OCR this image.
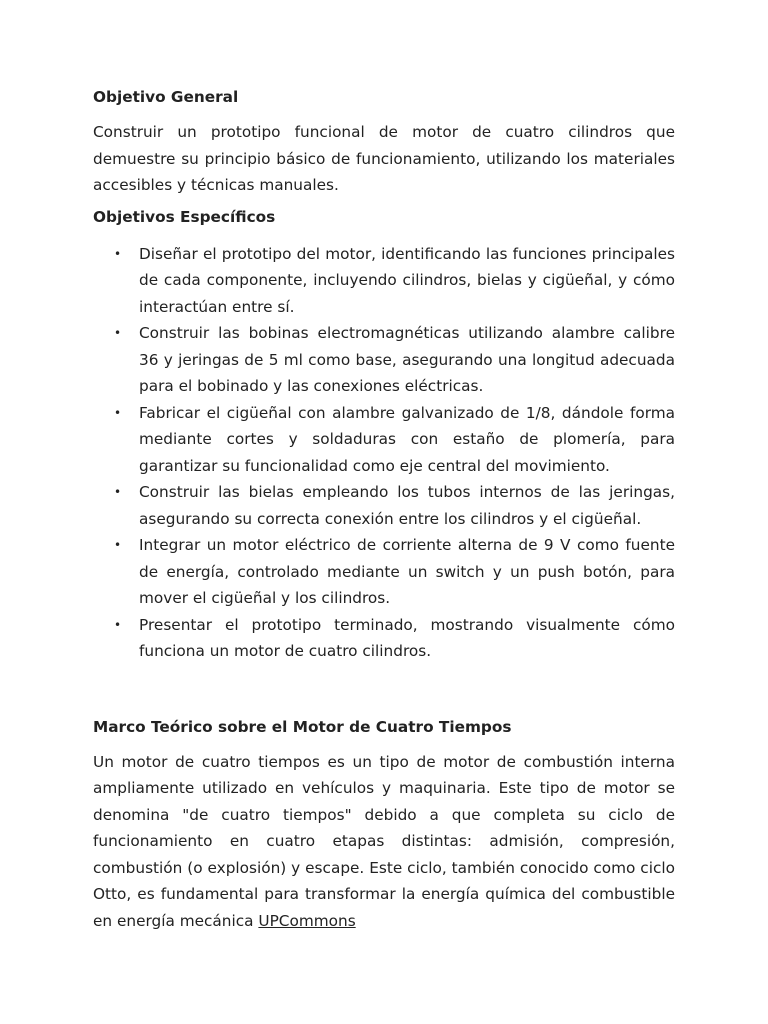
Objetivo General

Construir un prototipo funcional de motor de cuatro cilindros que demuestre su principio básico de funcionamiento, utilizando los materiales accesibles y técnicas manuales.

Objetivos Específicos

• Diseñar el prototipo del motor, identificando las funciones principales de cada componente, incluyendo cilindros, bielas y cigüeñal, y cómo interactúan entre sí.
• Construir las bobinas electromagnéticas utilizando alambre calibre 36 y jeringas de 5 ml como base, asegurando una longitud adecuada para el bobinado y las conexiones eléctricas.
• Fabricar el cigüeñal con alambre galvanizado de 1/8, dándole forma mediante cortes y soldaduras con estaño de plomería, para garantizar su funcionalidad como eje central del movimiento.
• Construir las bielas empleando los tubos internos de las jeringas, asegurando su correcta conexión entre los cilindros y el cigüeñal.
• Integrar un motor eléctrico de corriente alterna de 9 V como fuente de energía, controlado mediante un switch y un push botón, para mover el cigüeñal y los cilindros.
• Presentar el prototipo terminado, mostrando visualmente cómo funciona un motor de cuatro cilindros.

Marco Teórico sobre el Motor de Cuatro Tiempos

Un motor de cuatro tiempos es un tipo de motor de combustión interna ampliamente utilizado en vehículos y maquinaria. Este tipo de motor se denomina "de cuatro tiempos" debido a que completa su ciclo de funcionamiento en cuatro etapas distintas: admisión, compresión, combustión (o explosión) y escape. Este ciclo, también conocido como ciclo Otto, es fundamental para transformar la energía química del combustible en energía mecánica UPCommons
